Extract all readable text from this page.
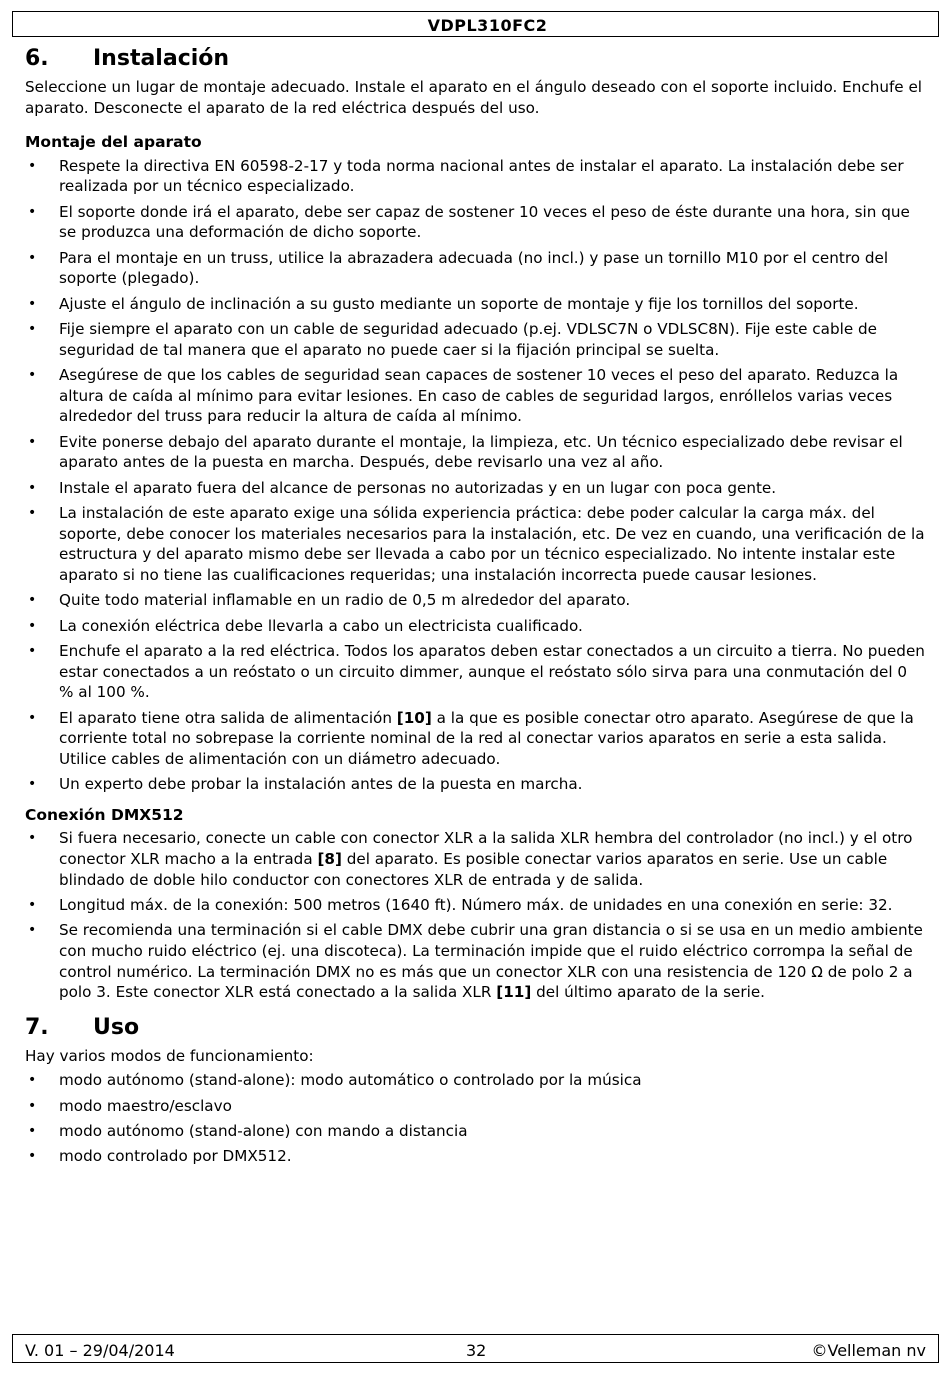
VDPL310FC2
6. Instalación

Seleccione un lugar de montaje adecuado. Instale el aparato en el ángulo deseado con el soporte incluido. Enchufe el aparato. Desconecte el aparato de la red eléctrica después del uso.

Montaje del aparato
• Respete la directiva EN 60598-2-17 y toda norma nacional antes de instalar el aparato. La instalación debe ser realizada por un técnico especializado.
• El soporte donde irá el aparato, debe ser capaz de sostener 10 veces el peso de éste durante una hora, sin que se produzca una deformación de dicho soporte.
• Para el montaje en un truss, utilice la abrazadera adecuada (no incl.) y pase un tornillo M10 por el centro del soporte (plegado).
• Ajuste el ángulo de inclinación a su gusto mediante un soporte de montaje y fije los tornillos del soporte.
• Fije siempre el aparato con un cable de seguridad adecuado (p.ej. VDLSC7N o VDLSC8N). Fije este cable de seguridad de tal manera que el aparato no puede caer si la fijación principal se suelta.
• Asegúrese de que los cables de seguridad sean capaces de sostener 10 veces el peso del aparato. Reduzca la altura de caída al mínimo para evitar lesiones. En caso de cables de seguridad largos, enróllelos varias veces alrededor del truss para reducir la altura de caída al mínimo.
• Evite ponerse debajo del aparato durante el montaje, la limpieza, etc. Un técnico especializado debe revisar el aparato antes de la puesta en marcha. Después, debe revisarlo una vez al año.
• Instale el aparato fuera del alcance de personas no autorizadas y en un lugar con poca gente.
• La instalación de este aparato exige una sólida experiencia práctica: debe poder calcular la carga máx. del soporte, debe conocer los materiales necesarios para la instalación, etc. De vez en cuando, una verificación de la estructura y del aparato mismo debe ser llevada a cabo por un técnico especializado. No intente instalar este aparato si no tiene las cualificaciones requeridas; una instalación incorrecta puede causar lesiones.
• Quite todo material inflamable en un radio de 0,5 m alrededor del aparato.
• La conexión eléctrica debe llevarla a cabo un electricista cualificado.
• Enchufe el aparato a la red eléctrica. Todos los aparatos deben estar conectados a un circuito a tierra. No pueden estar conectados a un reóstato o un circuito dimmer, aunque el reóstato sólo sirva para una conmutación del 0 % al 100 %.
• El aparato tiene otra salida de alimentación [10] a la que es posible conectar otro aparato. Asegúrese de que la corriente total no sobrepase la corriente nominal de la red al conectar varios aparatos en serie a esta salida. Utilice cables de alimentación con un diámetro adecuado.
• Un experto debe probar la instalación antes de la puesta en marcha.
Conexión DMX512
• Si fuera necesario, conecte un cable con conector XLR a la salida XLR hembra del controlador (no incl.) y el otro conector XLR macho a la entrada [8] del aparato. Es posible conectar varios aparatos en serie. Use un cable blindado de doble hilo conductor con conectores XLR de entrada y de salida.
• Longitud máx. de la conexión: 500 metros (1640 ft). Número máx. de unidades en una conexión en serie: 32.
• Se recomienda una terminación si el cable DMX debe cubrir una gran distancia o si se usa en un medio ambiente con mucho ruido eléctrico (ej. una discoteca). La terminación impide que el ruido eléctrico corrompa la señal de control numérico. La terminación DMX no es más que un conector XLR con una resistencia de 120 Ω de polo 2 a polo 3. Este conector XLR está conectado a la salida XLR [11] del último aparato de la serie.
7. Uso

Hay varios modos de funcionamiento:

• modo autónomo (stand-alone): modo automático o controlado por la música
• modo maestro/esclavo
• modo autónomo (stand-alone) con mando a distancia
• modo controlado por DMX512.
V. 01 – 29/04/2014	32	©Velleman nv
